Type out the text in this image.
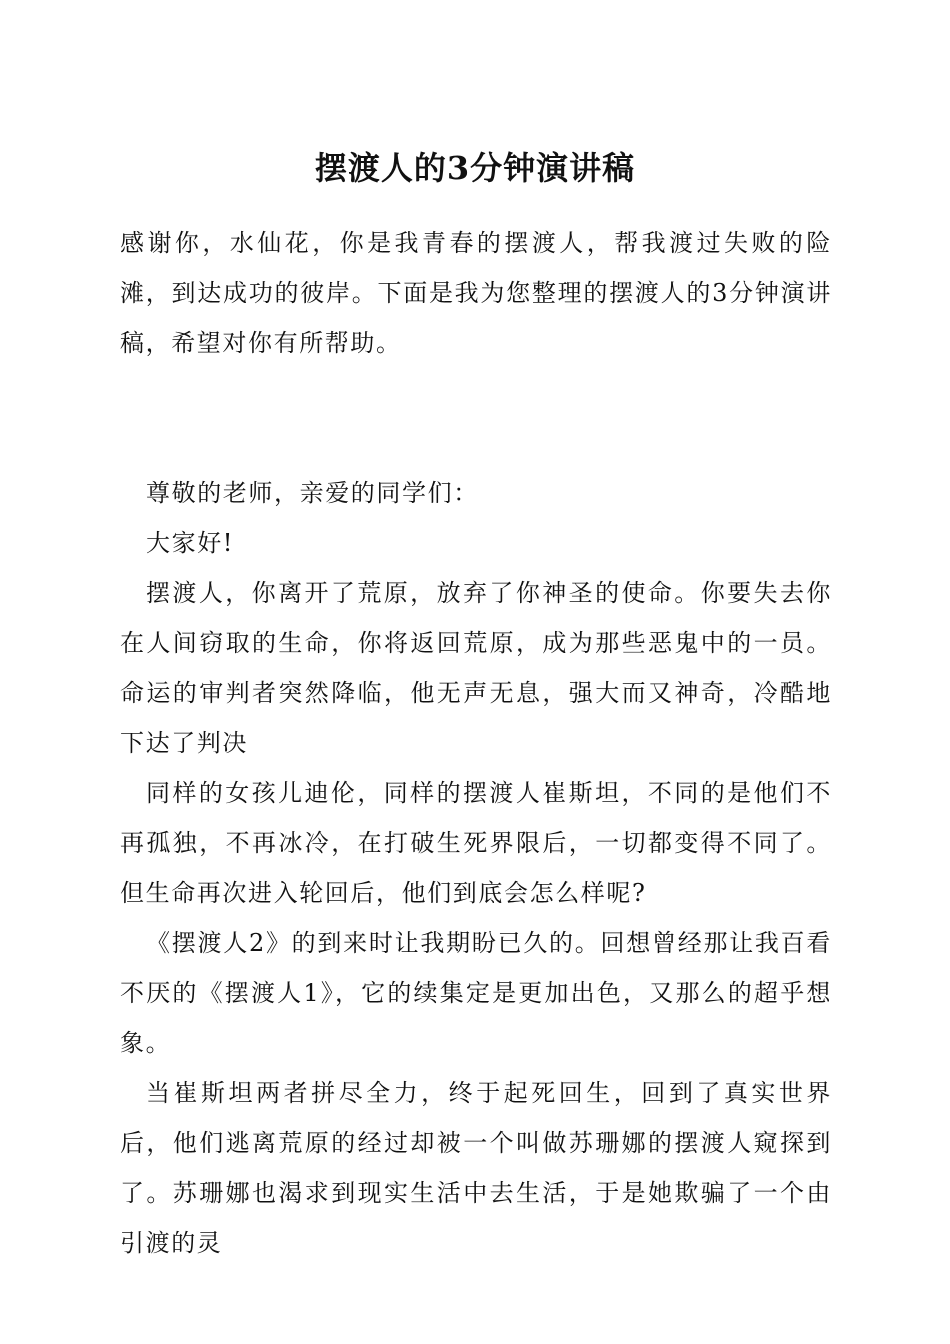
摆渡人的3分钟演讲稿

感谢你，水仙花，你是我青春的摆渡人，帮我渡过失败的险滩，到达成功的彼岸。下面是我为您整理的摆渡人的3分钟演讲稿，希望对你有所帮助。

尊敬的老师，亲爱的同学们：

大家好!

摆渡人，你离开了荒原，放弃了你神圣的使命。你要失去你在人间窃取的生命，你将返回荒原，成为那些恶鬼中的一员。命运的审判者突然降临，他无声无息，强大而又神奇，冷酷地下达了判决

同样的女孩儿迪伦，同样的摆渡人崔斯坦，不同的是他们不再孤独，不再冰冷，在打破生死界限后，一切都变得不同了。但生命再次进入轮回后，他们到底会怎么样呢?

《摆渡人2》的到来时让我期盼已久的。回想曾经那让我百看不厌的《摆渡人1》，它的续集定是更加出色，又那么的超乎想象。

当崔斯坦两者拼尽全力，终于起死回生，回到了真实世界后，他们逃离荒原的经过却被一个叫做苏珊娜的摆渡人窥探到了。苏珊娜也渴求到现实生活中去生活，于是她欺骗了一个由引渡的灵
